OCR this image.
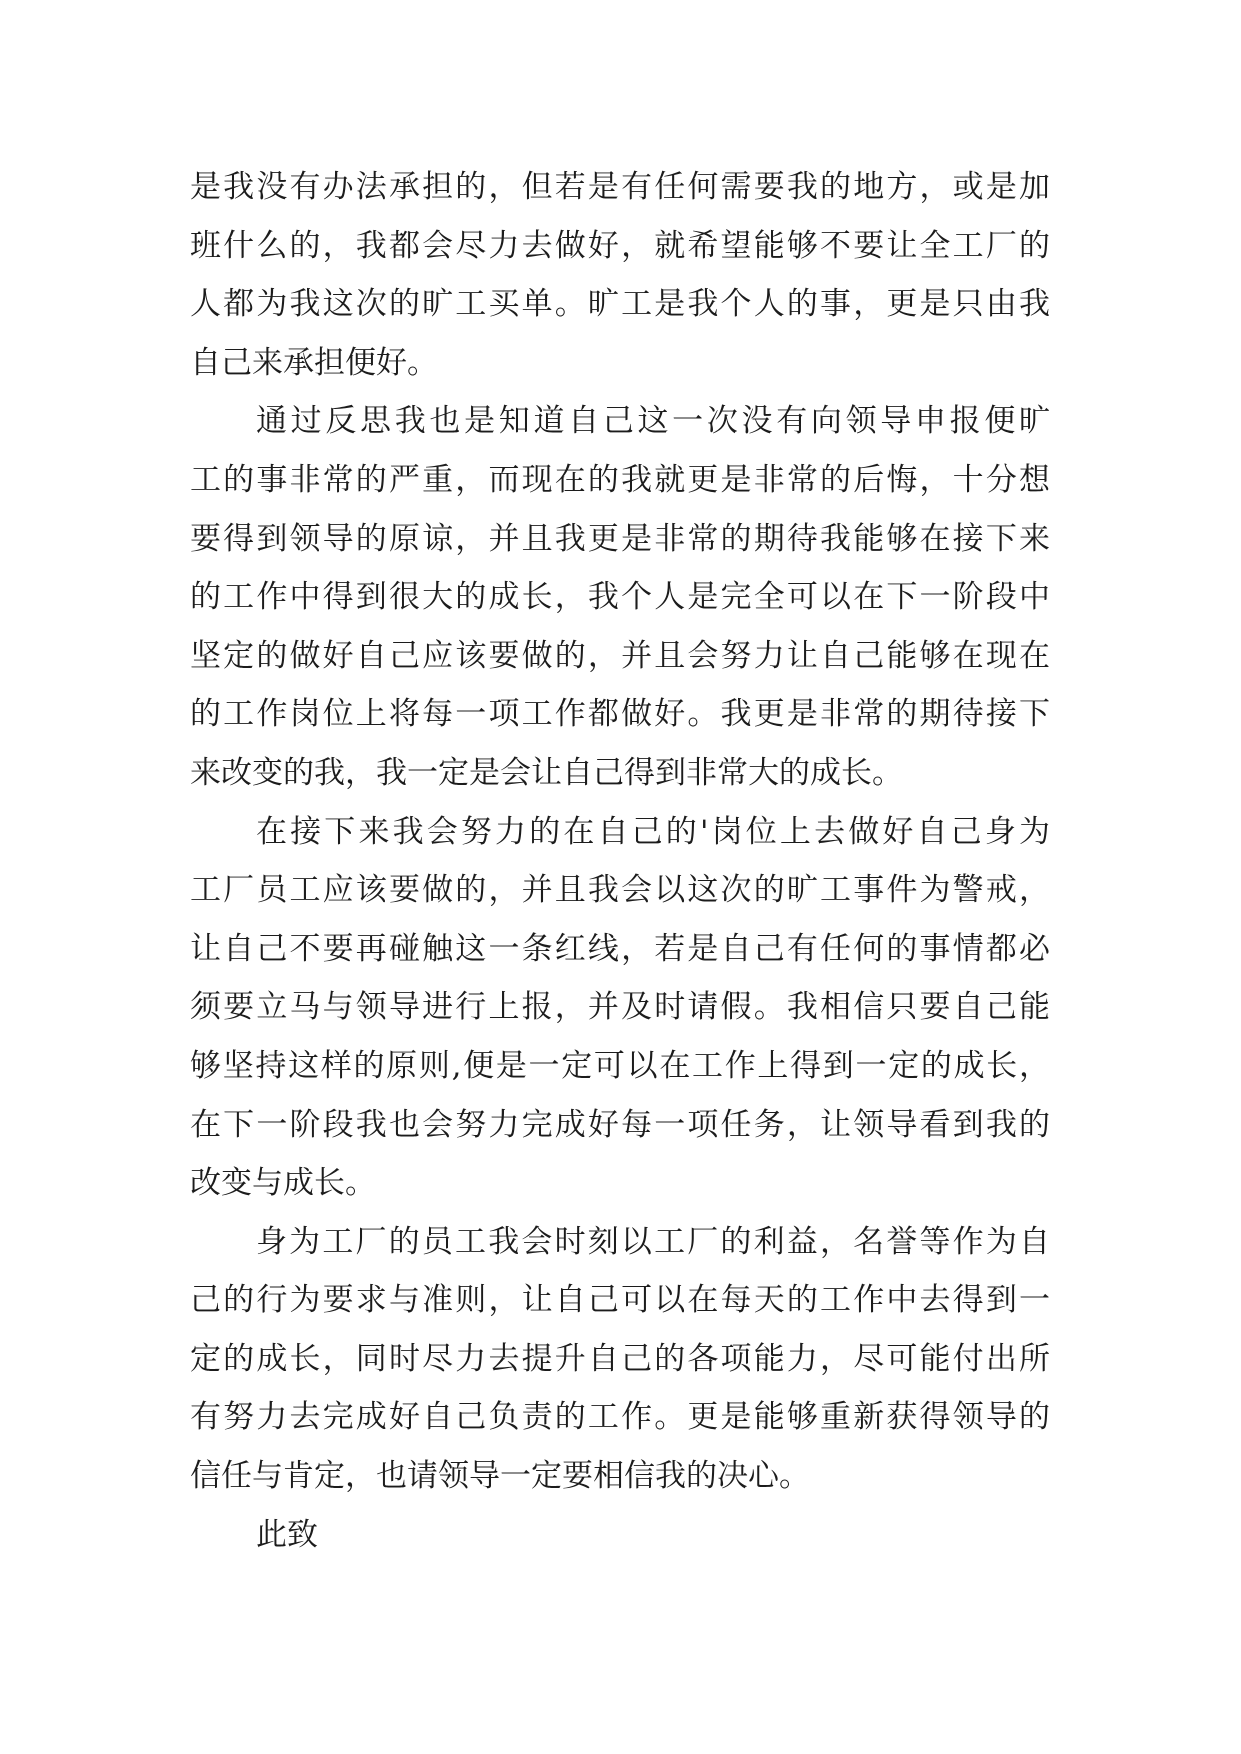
是我没有办法承担的，但若是有任何需要我的地方，或是加
班什么的，我都会尽力去做好，就希望能够不要让全工厂的
人都为我这次的旷工买单。旷工是我个人的事，更是只由我
自己来承担便好。
通过反思我也是知道自己这一次没有向领导申报便旷
工的事非常的严重，而现在的我就更是非常的后悔，十分想
要得到领导的原谅，并且我更是非常的期待我能够在接下来
的工作中得到很大的成长，我个人是完全可以在下一阶段中
坚定的做好自己应该要做的，并且会努力让自己能够在现在
的工作岗位上将每一项工作都做好。我更是非常的期待接下
来改变的我，我一定是会让自己得到非常大的成长。
在接下来我会努力的在自己的'岗位上去做好自己身为
工厂员工应该要做的，并且我会以这次的旷工事件为警戒，
让自己不要再碰触这一条红线，若是自己有任何的事情都必
须要立马与领导进行上报，并及时请假。我相信只要自己能
够坚持这样的原则,便是一定可以在工作上得到一定的成长，
在下一阶段我也会努力完成好每一项任务，让领导看到我的
改变与成长。
身为工厂的员工我会时刻以工厂的利益，名誉等作为自
己的行为要求与准则，让自己可以在每天的工作中去得到一
定的成长，同时尽力去提升自己的各项能力，尽可能付出所
有努力去完成好自己负责的工作。更是能够重新获得领导的
信任与肯定，也请领导一定要相信我的决心。
此致
